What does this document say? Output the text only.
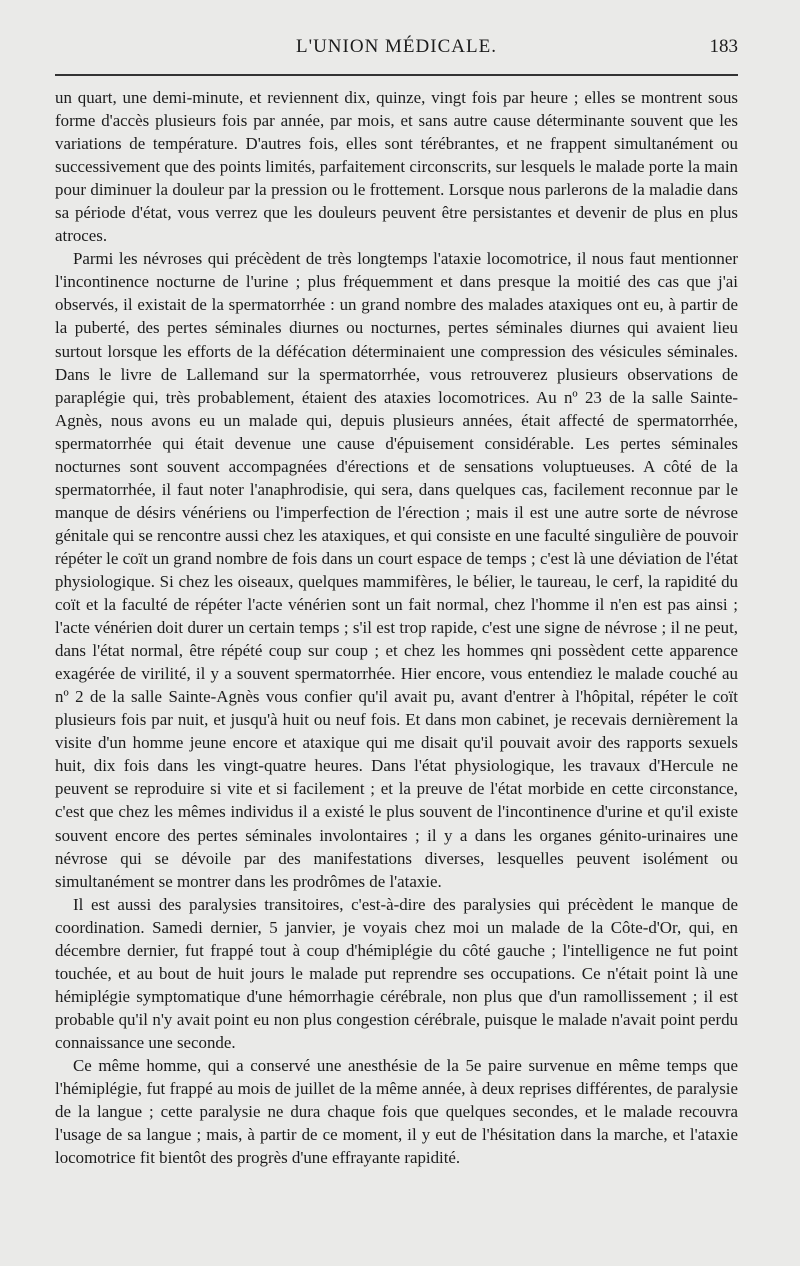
L'UNION MÉDICALE.	183

un quart, une demi-minute, et reviennent dix, quinze, vingt fois par heure ; elles se montrent sous forme d'accès plusieurs fois par année, par mois, et sans autre cause déterminante souvent que les variations de température. D'autres fois, elles sont térébrantes, et ne frappent simultanément ou successivement que des points limités, parfaitement circonscrits, sur lesquels le malade porte la main pour diminuer la douleur par la pression ou le frottement. Lorsque nous parlerons de la maladie dans sa période d'état, vous verrez que les douleurs peuvent être persistantes et devenir de plus en plus atroces.

Parmi les névroses qui précèdent de très longtemps l'ataxie locomotrice, il nous faut mentionner l'incontinence nocturne de l'urine ; plus fréquemment et dans presque la moitié des cas que j'ai observés, il existait de la spermatorrhée : un grand nombre des malades ataxiques ont eu, à partir de la puberté, des pertes séminales diurnes ou nocturnes, pertes séminales diurnes qui avaient lieu surtout lorsque les efforts de la défécation déterminaient une compression des vésicules séminales. Dans le livre de Lallemand sur la spermatorrhée, vous retrouverez plusieurs observations de paraplégie qui, très probablement, étaient des ataxies locomotrices. Au nº 23 de la salle Sainte-Agnès, nous avons eu un malade qui, depuis plusieurs années, était affecté de spermatorrhée, spermatorrhée qui était devenue une cause d'épuisement considérable. Les pertes séminales nocturnes sont souvent accompagnées d'érections et de sensations voluptueuses. A côté de la spermatorrhée, il faut noter l'anaphrodisie, qui sera, dans quelques cas, facilement reconnue par le manque de désirs vénériens ou l'imperfection de l'érection ; mais il est une autre sorte de névrose génitale qui se rencontre aussi chez les ataxiques, et qui consiste en une faculté singulière de pouvoir répéter le coït un grand nombre de fois dans un court espace de temps ; c'est là une déviation de l'état physiologique. Si chez les oiseaux, quelques mammifères, le bélier, le taureau, le cerf, la rapidité du coït et la faculté de répéter l'acte vénérien sont un fait normal, chez l'homme il n'en est pas ainsi ; l'acte vénérien doit durer un certain temps ; s'il est trop rapide, c'est une signe de névrose ; il ne peut, dans l'état normal, être répété coup sur coup ; et chez les hommes qni possèdent cette apparence exagérée de virilité, il y a souvent spermatorrhée. Hier encore, vous entendiez le malade couché au nº 2 de la salle Sainte-Agnès vous confier qu'il avait pu, avant d'entrer à l'hôpital, répéter le coït plusieurs fois par nuit, et jusqu'à huit ou neuf fois. Et dans mon cabinet, je recevais dernièrement la visite d'un homme jeune encore et ataxique qui me disait qu'il pouvait avoir des rapports sexuels huit, dix fois dans les vingt-quatre heures. Dans l'état physiologique, les travaux d'Hercule ne peuvent se reproduire si vite et si facilement ; et la preuve de l'état morbide en cette circonstance, c'est que chez les mêmes individus il a existé le plus souvent de l'incontinence d'urine et qu'il existe souvent encore des pertes séminales involontaires ; il y a dans les organes génito-urinaires une névrose qui se dévoile par des manifestations diverses, lesquelles peuvent isolément ou simultanément se montrer dans les prodrômes de l'ataxie.

Il est aussi des paralysies transitoires, c'est-à-dire des paralysies qui précèdent le manque de coordination. Samedi dernier, 5 janvier, je voyais chez moi un malade de la Côte-d'Or, qui, en décembre dernier, fut frappé tout à coup d'hémiplégie du côté gauche ; l'intelligence ne fut point touchée, et au bout de huit jours le malade put reprendre ses occupations. Ce n'était point là une hémiplégie symptomatique d'une hémorrhagie cérébrale, non plus que d'un ramollissement ; il est probable qu'il n'y avait point eu non plus congestion cérébrale, puisque le malade n'avait point perdu connaissance une seconde.

Ce même homme, qui a conservé une anesthésie de la 5e paire survenue en même temps que l'hémiplégie, fut frappé au mois de juillet de la même année, à deux reprises différentes, de paralysie de la langue ; cette paralysie ne dura chaque fois que quelques secondes, et le malade recouvra l'usage de sa langue ; mais, à partir de ce moment, il y eut de l'hésitation dans la marche, et l'ataxie locomotrice fit bientôt des progrès d'une effrayante rapidité.
